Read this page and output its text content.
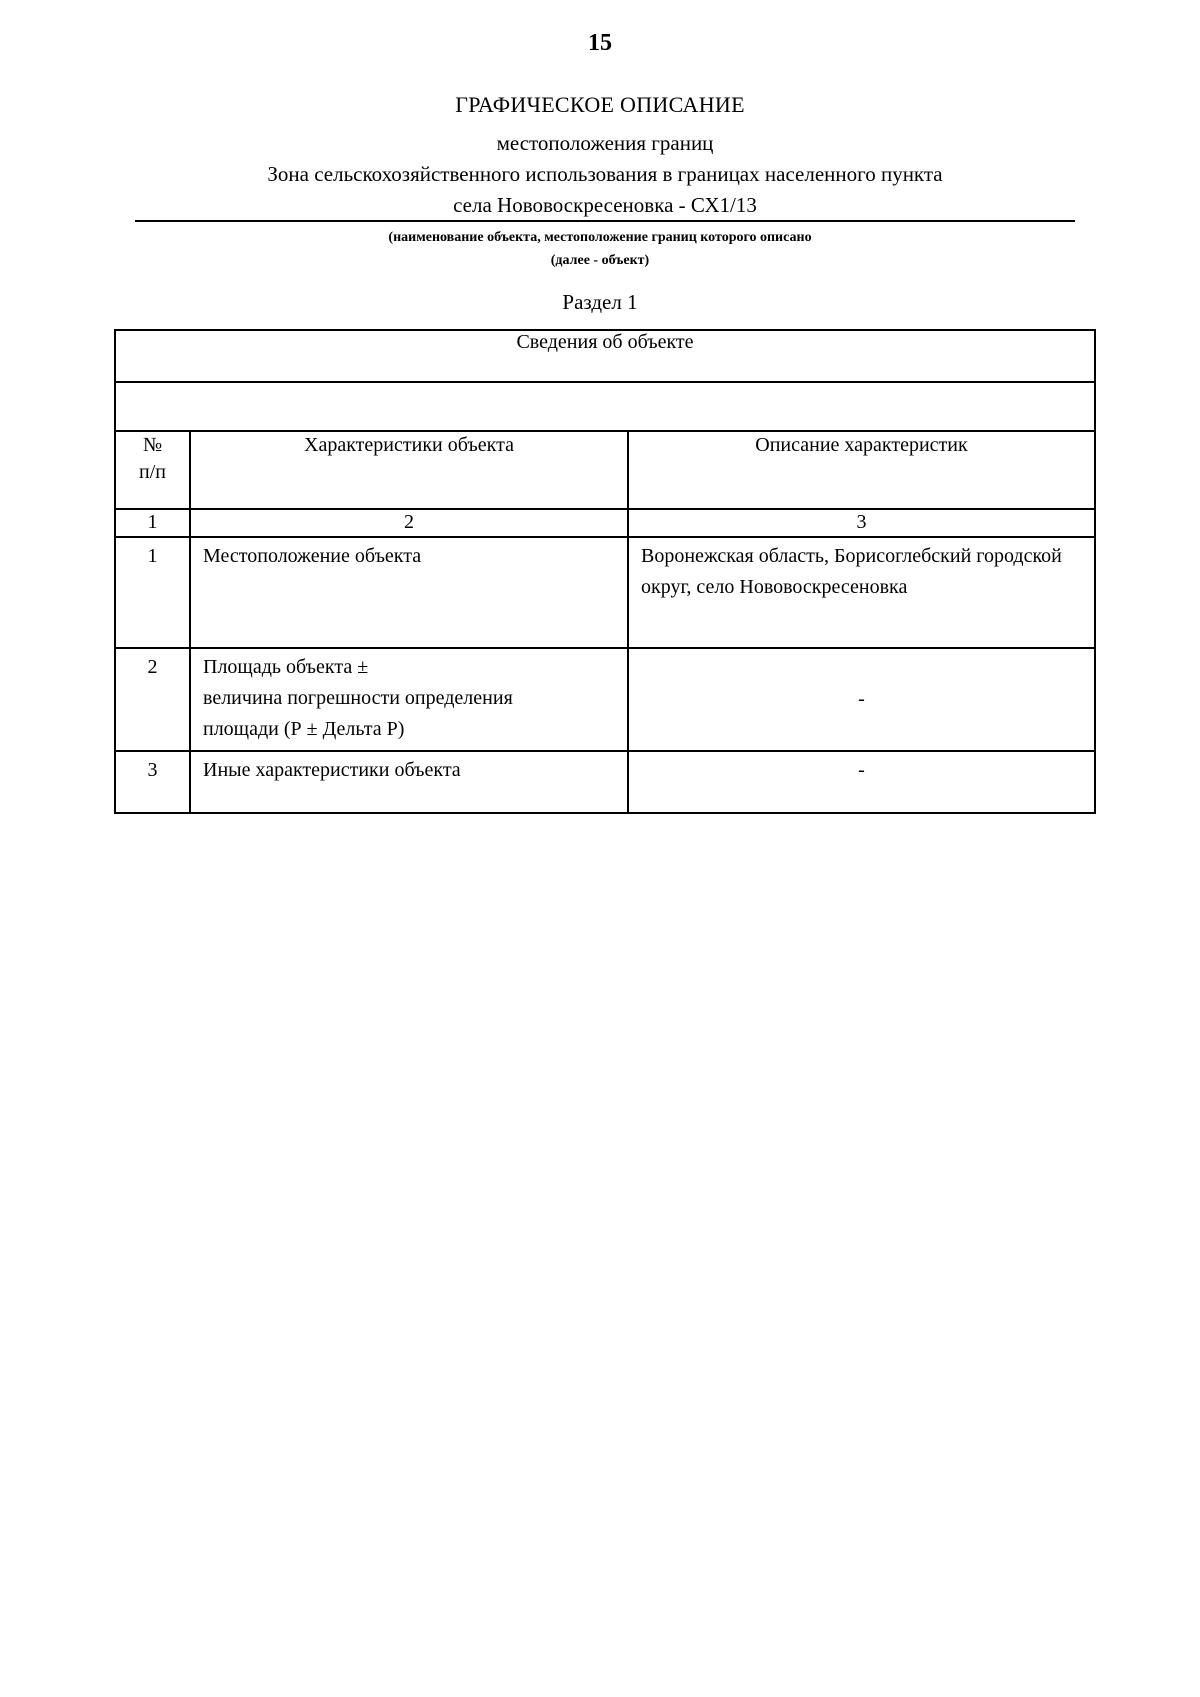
15
ГРАФИЧЕСКОЕ ОПИСАНИЕ
местоположения границ
Зона сельскохозяйственного использования в границах населенного пункта
села Нововоскресеновка - СХ1/13
(наименование объекта, местоположение границ которого описано
(далее - объект)
Раздел 1
Сведения об объекте		

№ п/п	Характеристики объекта	Описание характеристик
1	2	3
1	Местоположение объекта	Воронежская область, Борисоглебский городской округ, село Нововоскресеновка
2	Площадь объекта ±
величина погрешности определения
площади (Р ± Дельта Р)	-
3	Иные характеристики объекта	-
